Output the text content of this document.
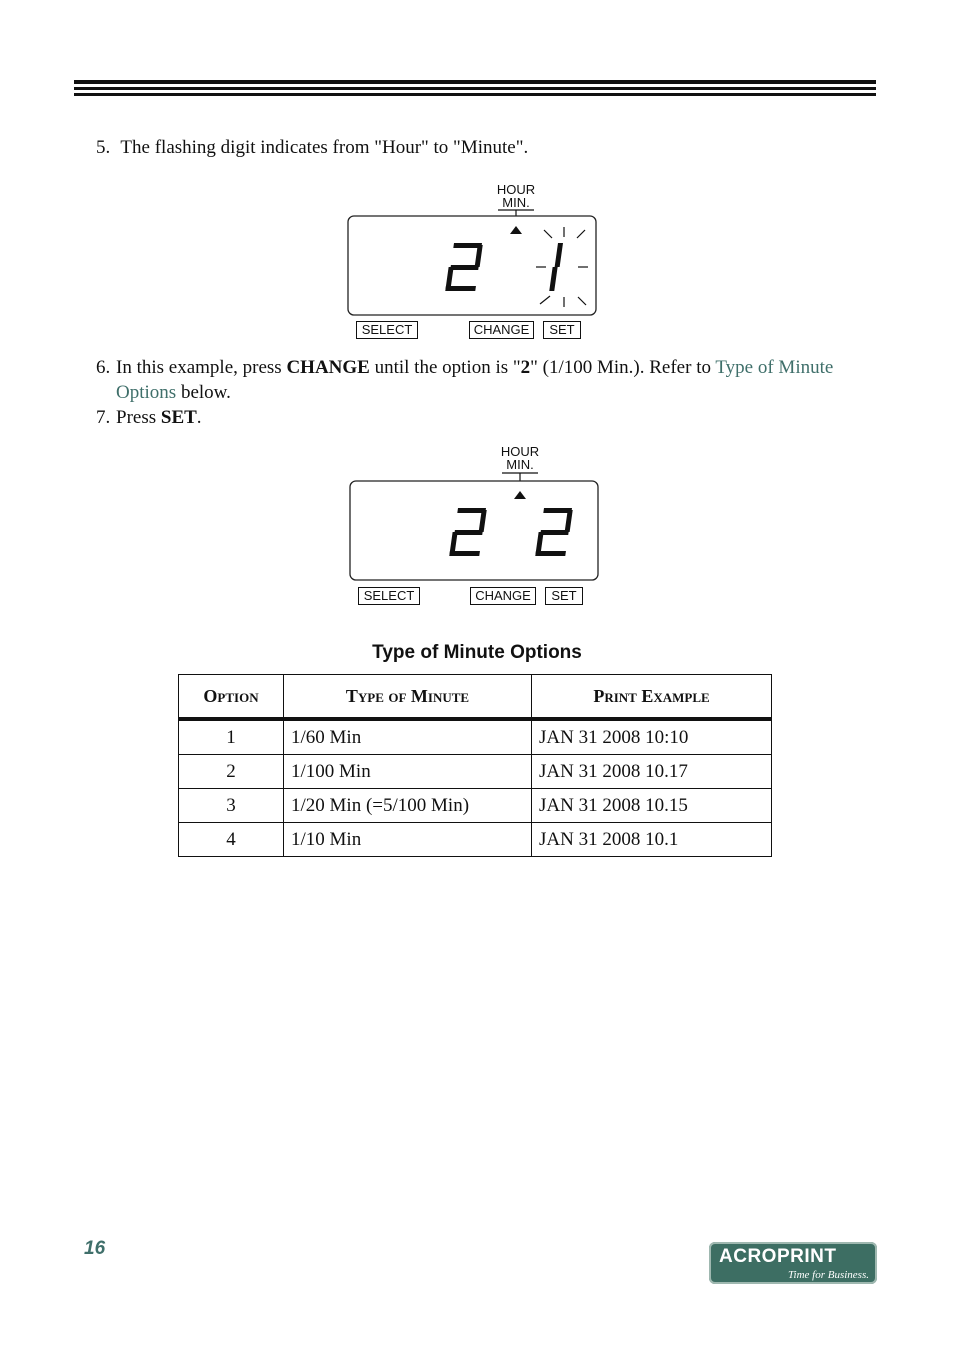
5. The flashing digit indicates from "Hour" to "Minute".
HOUR
MIN.
SELECT	CHANGE	SET
6. In this example, press CHANGE until the option is "2" (1/100 Min.). Refer to Type of Minute
Options below.
7. Press SET.
HOUR
MIN.
SELECT	CHANGE	SET
Type of Minute Options
Option	Type of Minute	Print Example
1	1/60 Min	JAN 31 2008 10:10
2	1/100 Min	JAN 31 2008 10.17
3	1/20 Min (=5/100 Min)	JAN 31 2008 10.15
4	1/10 Min	JAN 31 2008 10.1
16	ACROPRINT
Time for Business.
